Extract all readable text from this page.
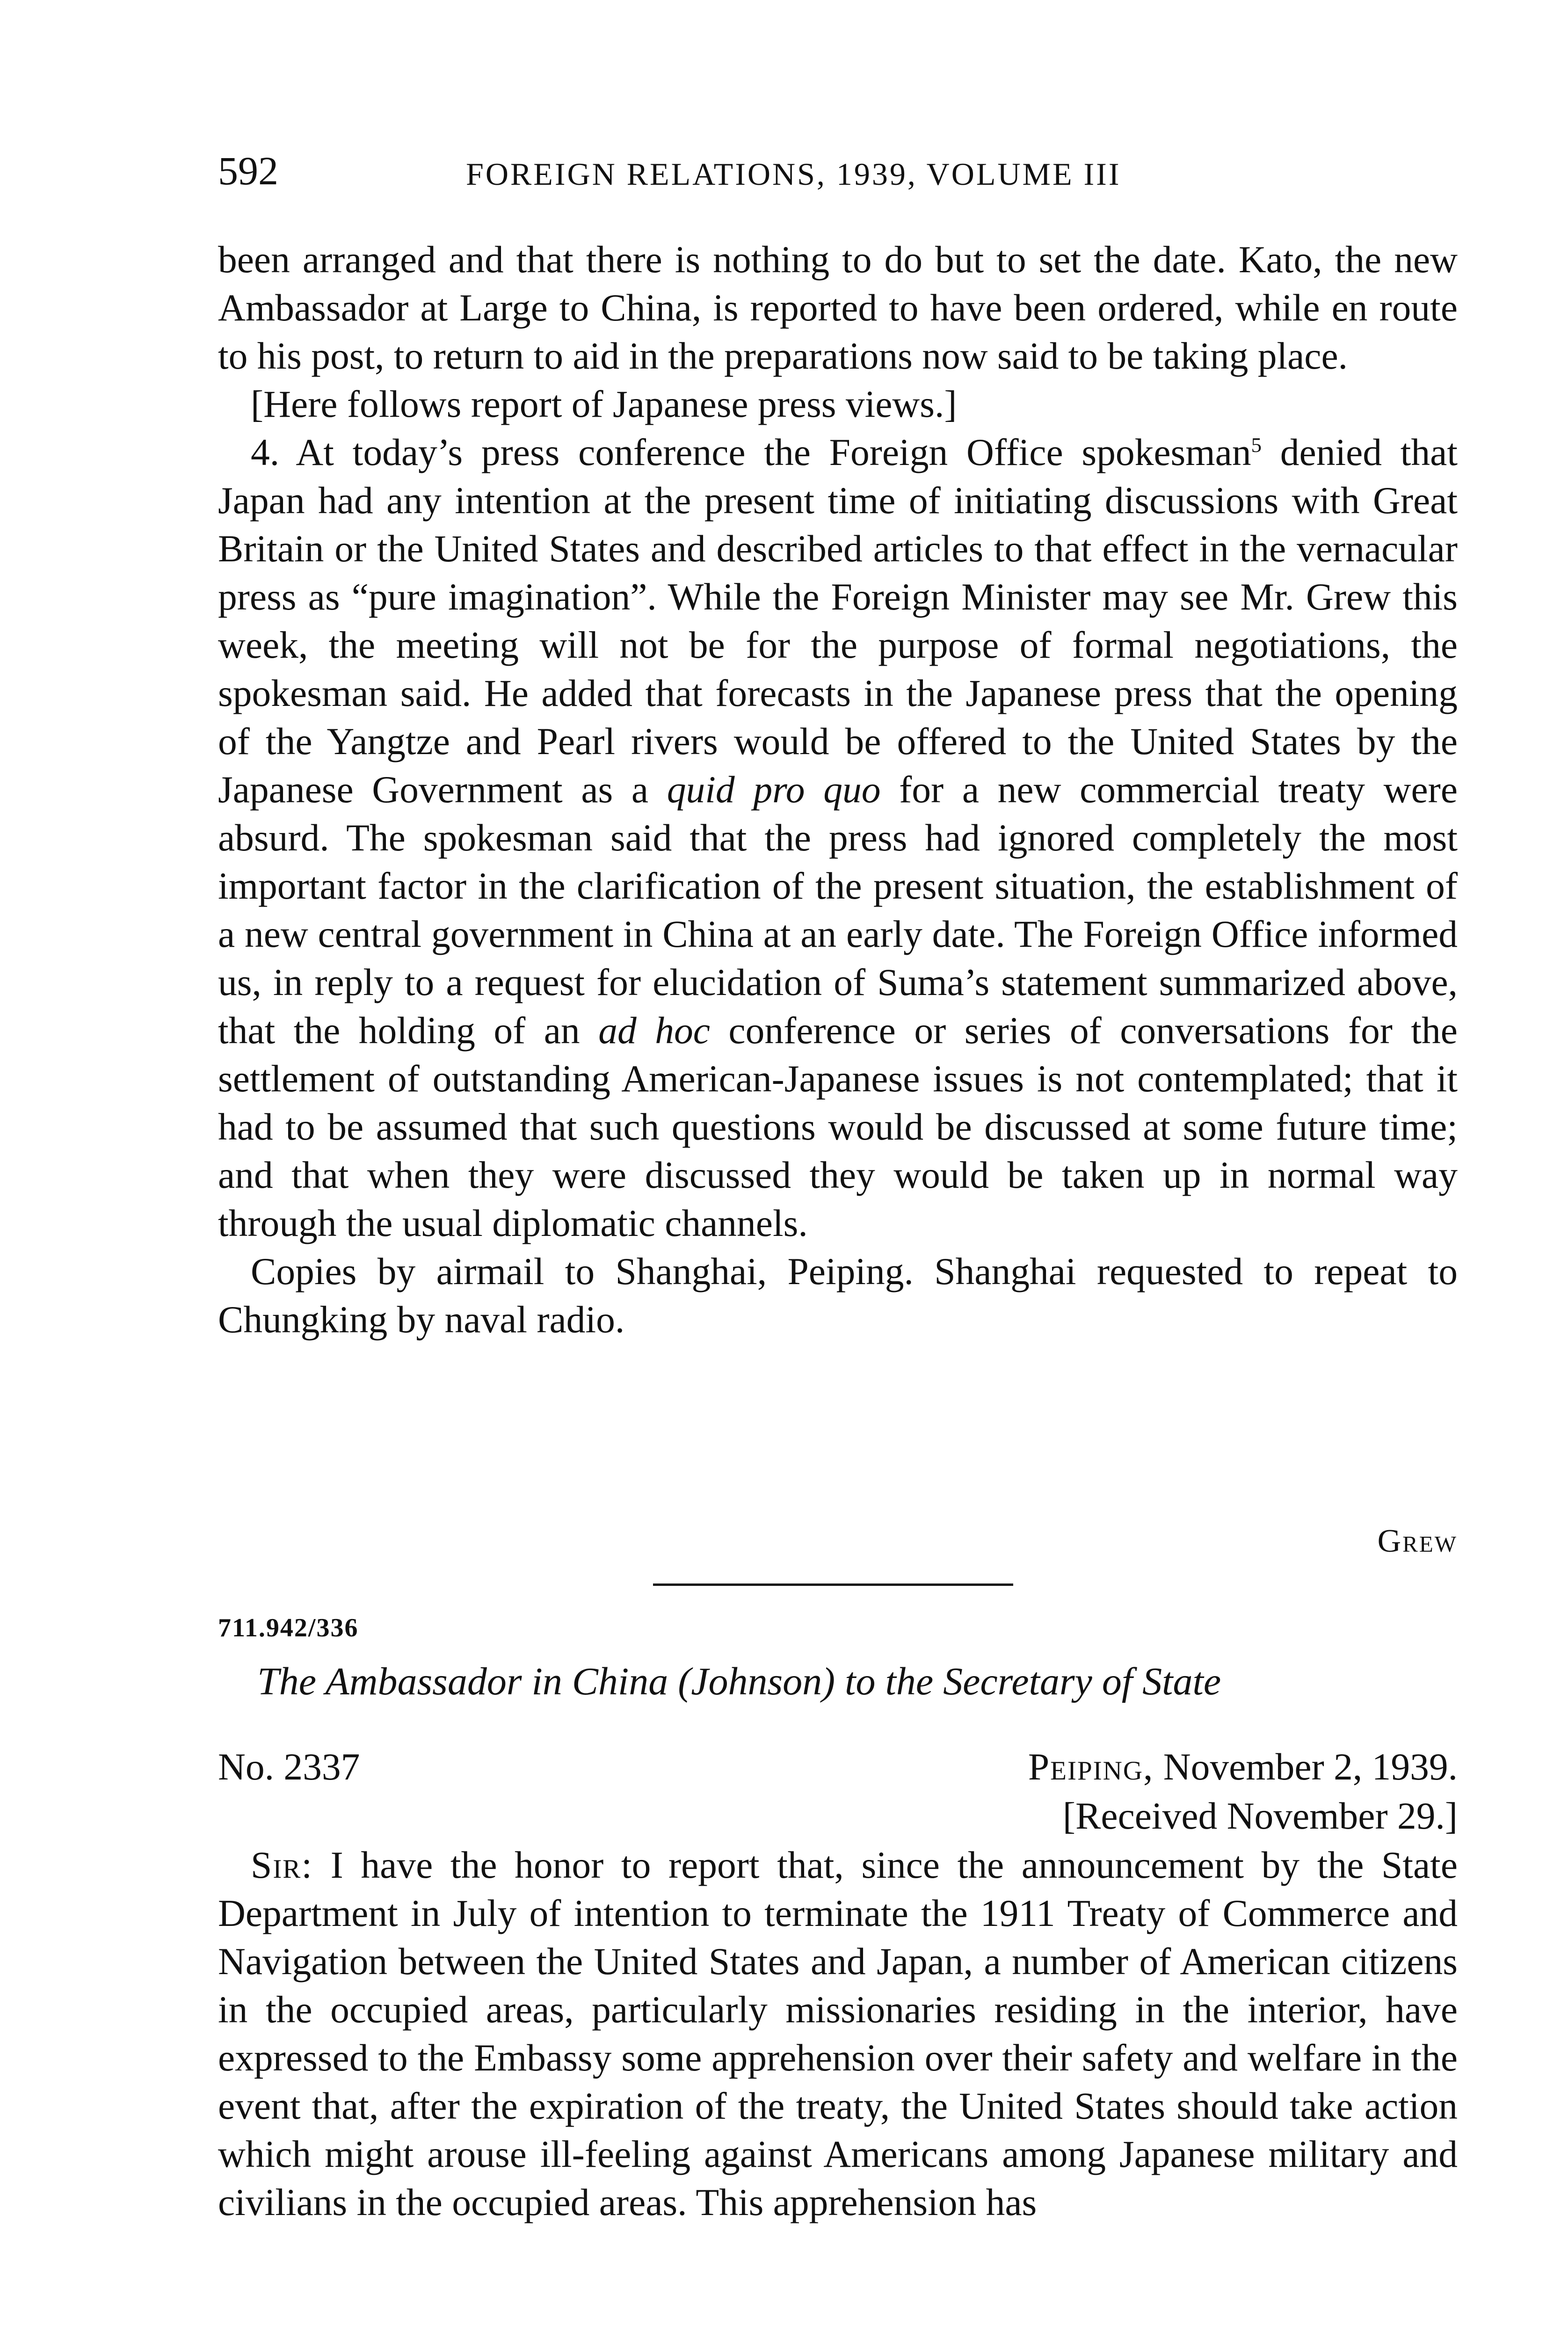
592	FOREIGN RELATIONS, 1939, VOLUME III

been arranged and that there is nothing to do but to set the date. Kato, the new Ambassador at Large to China, is reported to have been ordered, while en route to his post, to return to aid in the preparations now said to be taking place.

[Here follows report of Japanese press views.]

4. At today’s press conference the Foreign Office spokesman$^5$ denied that Japan had any intention at the present time of initiating discussions with Great Britain or the United States and described articles to that effect in the vernacular press as “pure imagination”. While the Foreign Minister may see Mr. Grew this week, the meeting will not be for the purpose of formal negotiations, the spokesman said. He added that forecasts in the Japanese press that the opening of the Yangtze and Pearl rivers would be offered to the United States by the Japanese Government as a quid pro quo for a new commercial treaty were absurd. The spokesman said that the press had ignored completely the most important factor in the clarification of the present situation, the establishment of a new central government in China at an early date. The Foreign Office informed us, in reply to a request for elucidation of Suma’s statement summarized above, that the holding of an ad hoc conference or series of conversations for the settlement of outstanding American-Japanese issues is not contemplated; that it had to be assumed that such questions would be discussed at some future time; and that when they were discussed they would be taken up in normal way through the usual diplomatic channels.

Copies by airmail to Shanghai, Peiping. Shanghai requested to repeat to Chungking by naval radio.

Grew
711.942/336
The Ambassador in China (Johnson) to the Secretary of State
No. 2337	Peiping, November 2, 1939.
[Received November 29.]

Sir: I have the honor to report that, since the announcement by the State Department in July of intention to terminate the 1911 Treaty of Commerce and Navigation between the United States and Japan, a number of American citizens in the occupied areas, particularly missionaries residing in the interior, have expressed to the Embassy some apprehension over their safety and welfare in the event that, after the expiration of the treaty, the United States should take action which might arouse ill-feeling against Americans among Japanese military and civilians in the occupied areas. This apprehension has
